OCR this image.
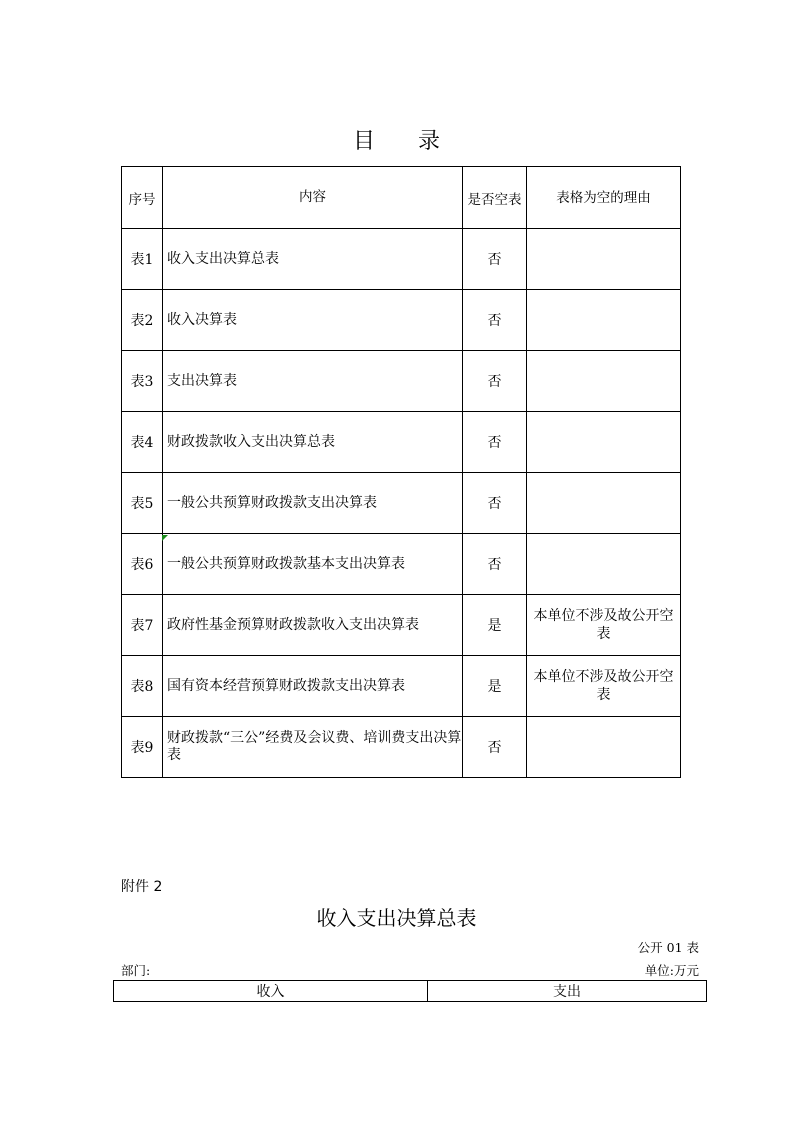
目 录
序号	内容	是否空表	表格为空的理由
表1	收入支出决算总表	否	
表2	收入决算表	否	
表3	支出决算表	否	
表4	财政拨款收入支出决算总表	否	
表5	一般公共预算财政拨款支出决算表	否	
表6	一般公共预算财政拨款基本支出决算表	否	
表7	政府性基金预算财政拨款收入支出决算表	是	本单位不涉及故公开空表
表8	国有资本经营预算财政拨款支出决算表	是	本单位不涉及故公开空表
表9	财政拨款“三公”经费及会议费、培训费支出决算表	否	
附件 2
收入支出决算总表
公开 01 表
部门:	单位:万元
收入	支出
